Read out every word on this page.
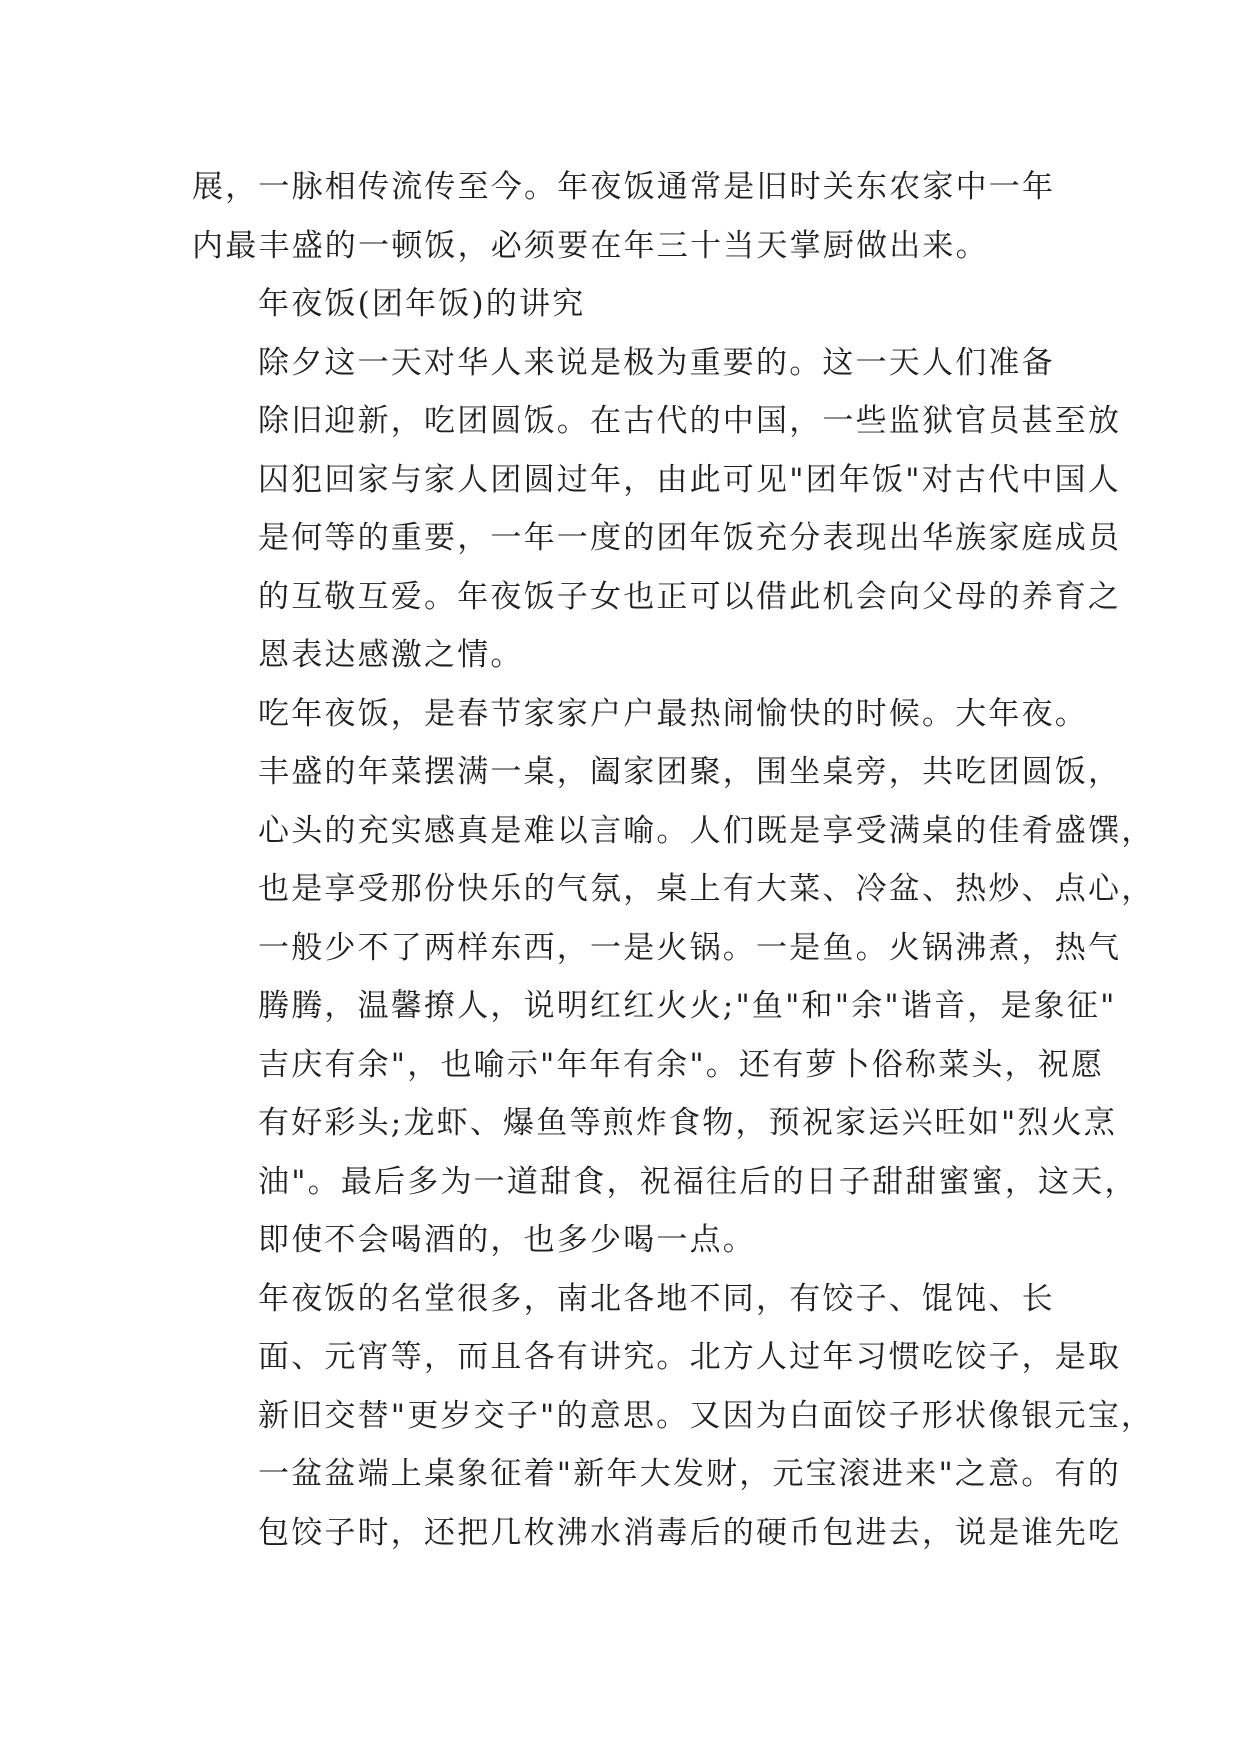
展，一脉相传流传至今。年夜饭通常是旧时关东农家中一年
内最丰盛的一顿饭，必须要在年三十当天掌厨做出来。

年夜饭(团年饭)的讲究

除夕这一天对华人来说是极为重要的。这一天人们准备
除旧迎新，吃团圆饭。在古代的中国，一些监狱官员甚至放
囚犯回家与家人团圆过年，由此可见"团年饭"对古代中国人
是何等的重要，一年一度的团年饭充分表现出华族家庭成员
的互敬互爱。年夜饭子女也正可以借此机会向父母的养育之
恩表达感激之情。

吃年夜饭，是春节家家户户最热闹愉快的时候。大年夜。
丰盛的年菜摆满一桌，阖家团聚，围坐桌旁，共吃团圆饭，
心头的充实感真是难以言喻。人们既是享受满桌的佳肴盛馔，
也是享受那份快乐的气氛，桌上有大菜、冷盆、热炒、点心，
一般少不了两样东西，一是火锅。一是鱼。火锅沸煮，热气
腾腾，温馨撩人，说明红红火火;"鱼"和"余"谐音，是象征"
吉庆有余"，也喻示"年年有余"。还有萝卜俗称菜头，祝愿
有好彩头;龙虾、爆鱼等煎炸食物，预祝家运兴旺如"烈火烹
油"。最后多为一道甜食，祝福往后的日子甜甜蜜蜜，这天，
即使不会喝酒的，也多少喝一点。

年夜饭的名堂很多，南北各地不同，有饺子、馄饨、长
面、元宵等，而且各有讲究。北方人过年习惯吃饺子，是取
新旧交替"更岁交子"的意思。又因为白面饺子形状像银元宝，
一盆盆端上桌象征着"新年大发财，元宝滚进来"之意。有的
包饺子时，还把几枚沸水消毒后的硬币包进去，说是谁先吃
